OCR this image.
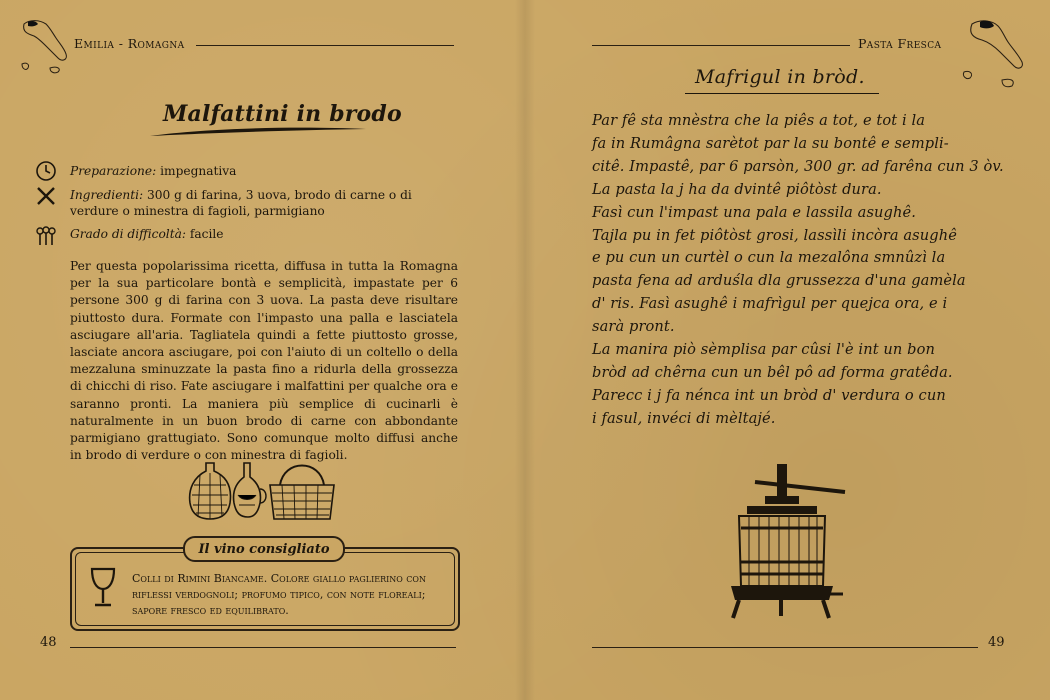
Emilia - Romagna
Malfattini in brodo
Preparazione: impegnativa
Ingredienti: 300 g di farina, 3 uova, brodo di carne o di verdure o minestra di fagioli, parmigiano
Grado di difficoltà: facile
Per questa popolarissima ricetta, diffusa in tutta la Romagna per la sua particolare bontà e semplicità, impastate per 6 persone 300 g di farina con 3 uova. La pasta deve risultare piuttosto dura. Formate con l'impasto una palla e lasciatela asciugare all'aria. Tagliatela quindi a fette piuttosto grosse, lasciate ancora asciugare, poi con l'aiuto di un coltello o della mezzaluna sminuzzate la pasta fino a ridurla della grossezza di chicchi di riso. Fate asciugare i malfattini per qualche ora e saranno pronti. La maniera più semplice di cucinarli è naturalmente in un buon brodo di carne con abbondante parmigiano grattugiato. Sono comunque molto diffusi anche in brodo di verdure o con minestra di fagioli.
Il vino consigliato
Colli di Rimini Biancame. Colore giallo paglierino con riflessi verdognoli; profumo tipico, con note floreali; sapore fresco ed equilibrato.
48
Pasta Fresca
Mafrigul in bròd.
Par fê sta mnèstra che la piês a tot, e tot i la
fa in Rumâgna sarètot par la su bontê e sempli-
citê. Impastê, par 6 parsòn, 300 gr. ad farêna cun 3 òv.
La pasta la j ha da dvintê piôtòst dura.
Fasì cun l'impast una pala e lassila asughê.
Tajla pu in fet piôtòst grosi, lassìli incòra asughê
e pu cun un curtèl o cun la mezalôna smnûzì la
pasta fena ad arduśla dla grussezza d'una gamèla
d' ris. Fasì asughê i mafrìgul per quejca ora, e i
sarà pront.
La manira piò sèmplisa par cûsi l'è int un bon
bròd ad chêrna cun un bêl pô ad forma gratêda.
Parecc i j fa nénca int un bròd d' verdura o cun
i fasul, invéci di mèltajé.
49
